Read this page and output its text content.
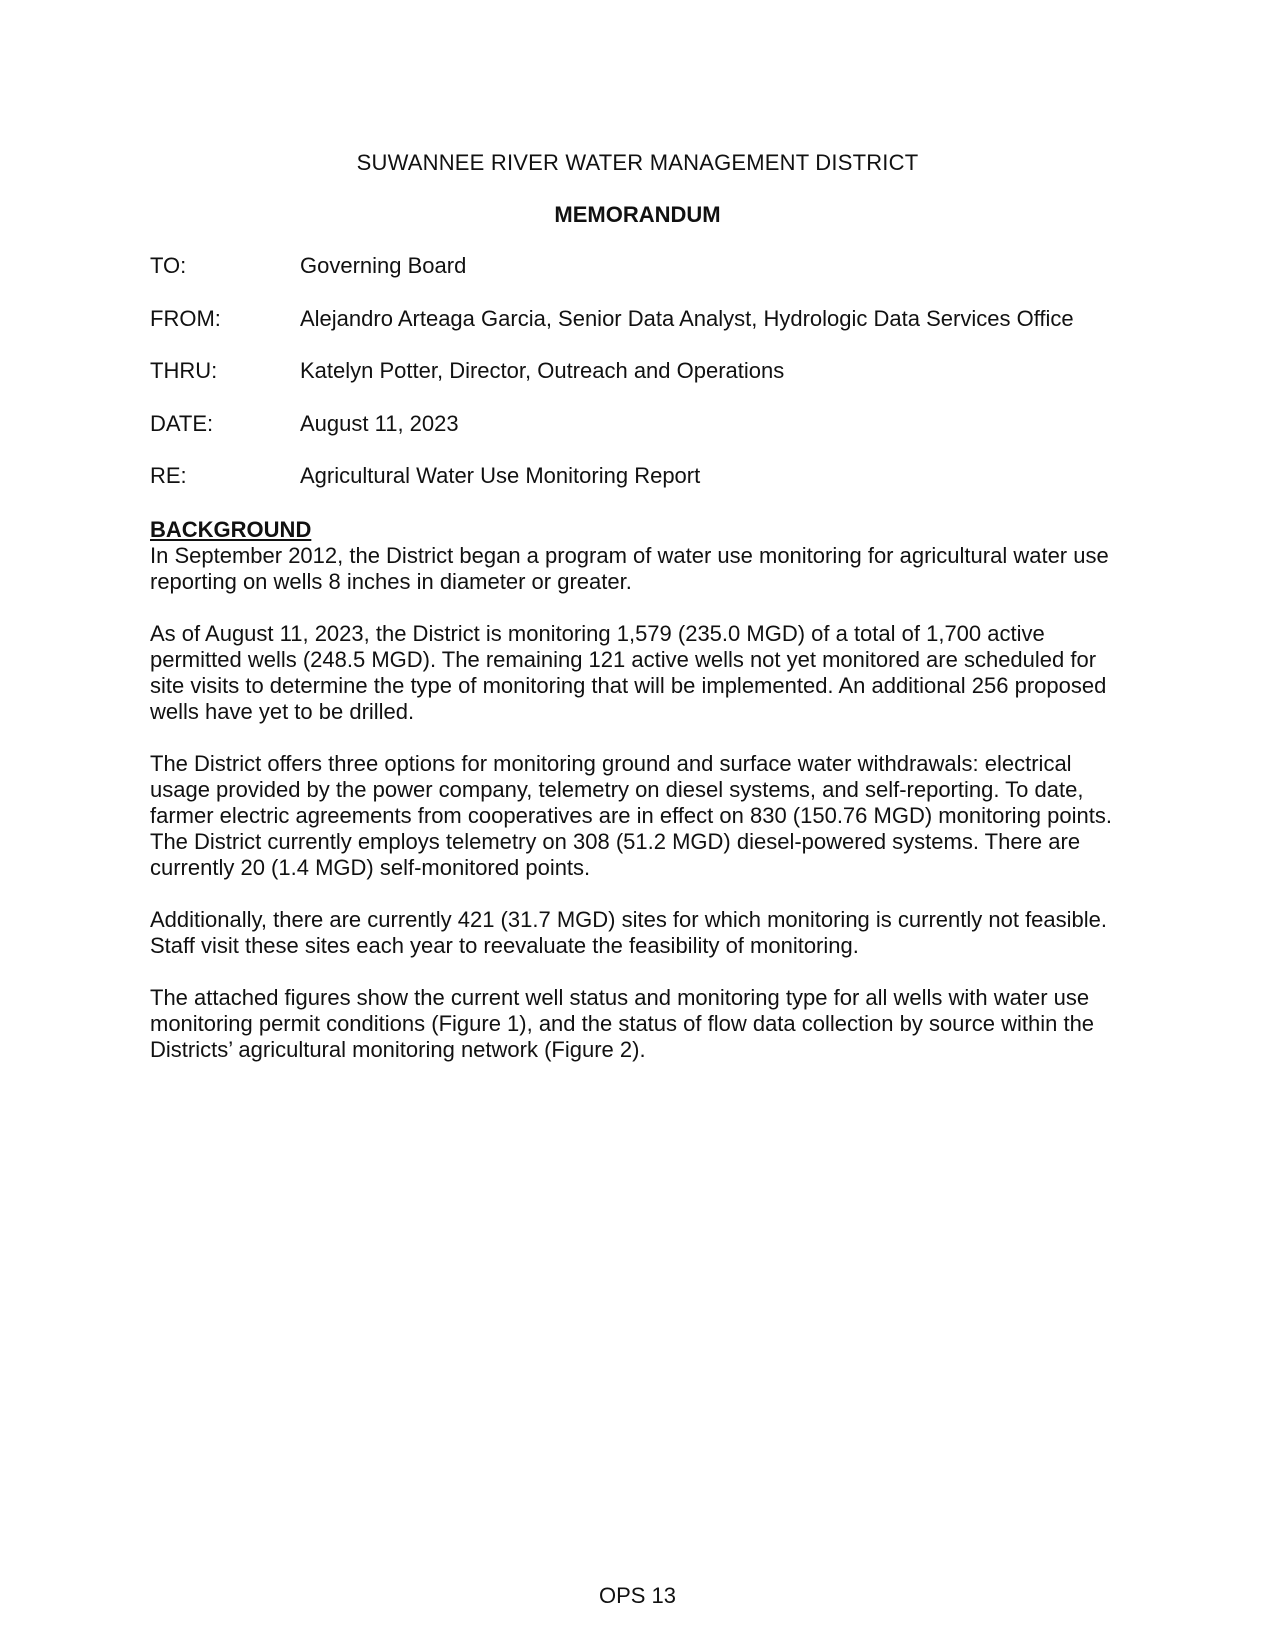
SUWANNEE RIVER WATER MANAGEMENT DISTRICT
MEMORANDUM
TO:	Governing Board
FROM:	Alejandro Arteaga Garcia, Senior Data Analyst, Hydrologic Data Services Office
THRU:	Katelyn Potter, Director, Outreach and Operations
DATE:	August 11, 2023
RE:	Agricultural Water Use Monitoring Report

BACKGROUND

In September 2012, the District began a program of water use monitoring for agricultural water use reporting on wells 8 inches in diameter or greater.

As of August 11, 2023, the District is monitoring 1,579 (235.0 MGD) of a total of 1,700 active permitted wells (248.5 MGD). The remaining 121 active wells not yet monitored are scheduled for site visits to determine the type of monitoring that will be implemented. An additional 256 proposed wells have yet to be drilled.

The District offers three options for monitoring ground and surface water withdrawals: electrical usage provided by the power company, telemetry on diesel systems, and self-reporting. To date, farmer electric agreements from cooperatives are in effect on 830 (150.76 MGD) monitoring points. The District currently employs telemetry on 308 (51.2 MGD) diesel-powered systems. There are currently 20 (1.4 MGD) self-monitored points.

Additionally, there are currently 421 (31.7 MGD) sites for which monitoring is currently not feasible. Staff visit these sites each year to reevaluate the feasibility of monitoring.

The attached figures show the current well status and monitoring type for all wells with water use monitoring permit conditions (Figure 1), and the status of flow data collection by source within the Districts’ agricultural monitoring network (Figure 2).

OPS 13
